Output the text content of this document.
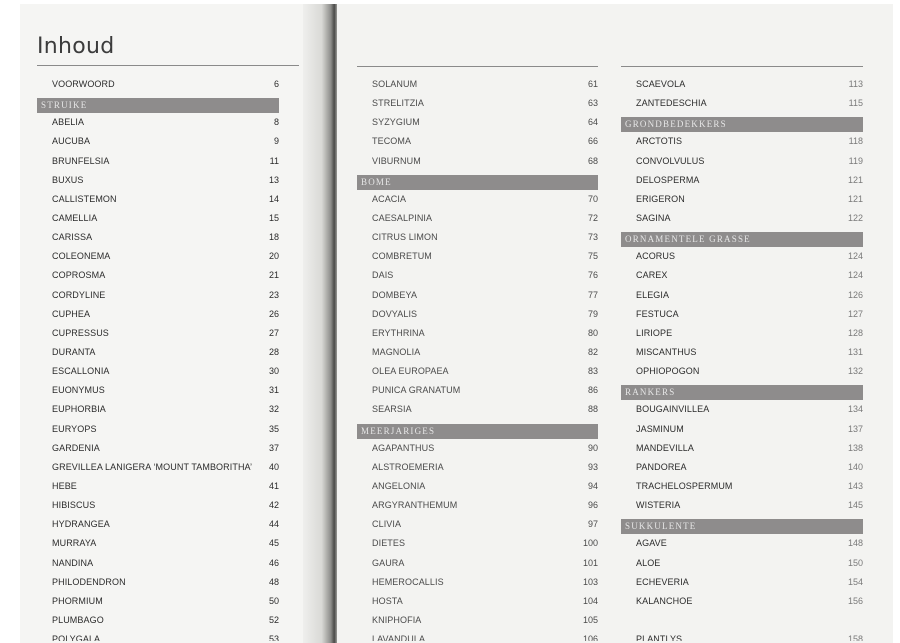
Inhoud
VOORWOORD	6
STRUIKE
ABELIA	8
AUCUBA	9
BRUNFELSIA	11
BUXUS	13
CALLISTEMON	14
CAMELLIA	15
CARISSA	18
COLEONEMA	20
COPROSMA	21
CORDYLINE	23
CUPHEA	26
CUPRESSUS	27
DURANTA	28
ESCALLONIA	30
EUONYMUS	31
EUPHORBIA	32
EURYOPS	35
GARDENIA	37
GREVILLEA LANIGERA ‘MOUNT TAMBORITHA’ 40
HEBE	41
HIBISCUS	42
HYDRANGEA	44
MURRAYA	45
NANDINA	46
PHILODENDRON	48
PHORMIUM	50
PLUMBAGO	52
POLYGALA	53
SOLANUM	61
STRELITZIA	63
SYZYGIUM	64
TECOMA	66
VIBURNUM	68
BOME
ACACIA	70
CAESALPINIA	72
CITRUS LIMON	73
COMBRETUM	75
DAIS	76
DOMBEYA	77
DOVYALIS	79
ERYTHRINA	80
MAGNOLIA	82
OLEA EUROPAEA	83
PUNICA GRANATUM	86
SEARSIA	88
MEERJARIGES
AGAPANTHUS	90
ALSTROEMERIA	93
ANGELONIA	94
ARGYRANTHEMUM	96
CLIVIA	97
DIETES	100
GAURA	101
HEMEROCALLIS	103
HOSTA	104
KNIPHOFIA	105
LAVANDULA	106
SCAEVOLA	113
ZANTEDESCHIA	115
GRONDBEDEKKERS
ARCTOTIS	118
CONVOLVULUS	119
DELOSPERMA	121
ERIGERON	121
SAGINA	122
ORNAMENTELE GRASSE
ACORUS	124
CAREX	124
ELEGIA	126
FESTUCA	127
LIRIOPE	128
MISCANTHUS	131
OPHIOPOGON	132
RANKERS
BOUGAINVILLEA	134
JASMINUM	137
MANDEVILLA	138
PANDOREA	140
TRACHELOSPERMUM	143
WISTERIA	145
SUKKULENTE
AGAVE	148
ALOE	150
ECHEVERIA	154
KALANCHOE	156
PLANTLYS	158
